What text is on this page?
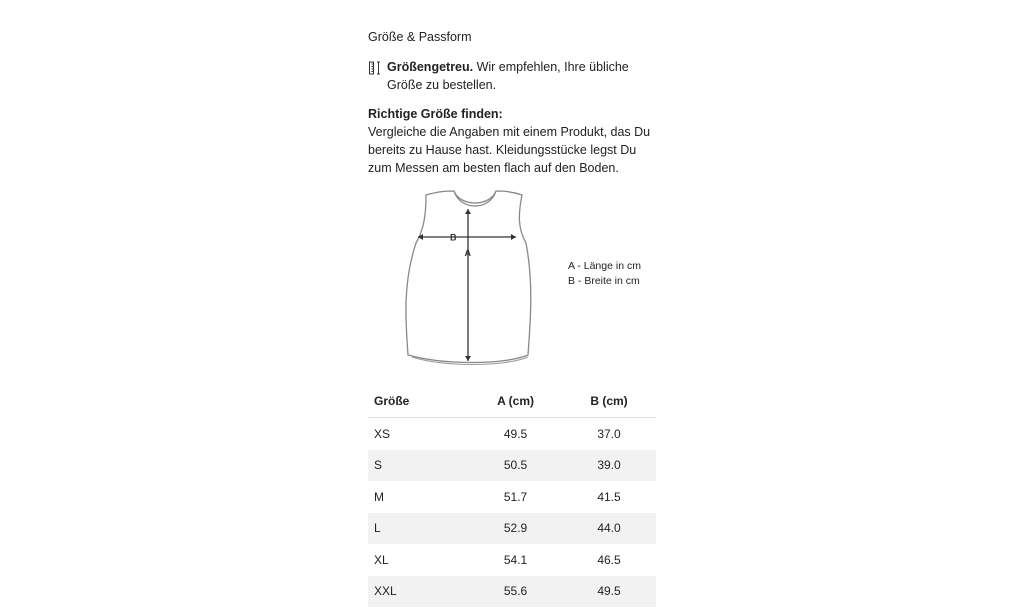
Größe & Passform

Größengetreu. Wir empfehlen, Ihre übliche Größe zu bestellen.
Richtige Größe finden:

Vergleiche die Angaben mit einem Produkt, das Du bereits zu Hause hast. Kleidungsstücke legst Du zum Messen am besten flach auf den Boden.

B
A
A - Länge in cm
B - Breite in cm
Größe	A (cm)	B (cm)
XS	49.5	37.0
S	50.5	39.0
M	51.7	41.5
L	52.9	44.0
XL	54.1	46.5
XXL	55.6	49.5
